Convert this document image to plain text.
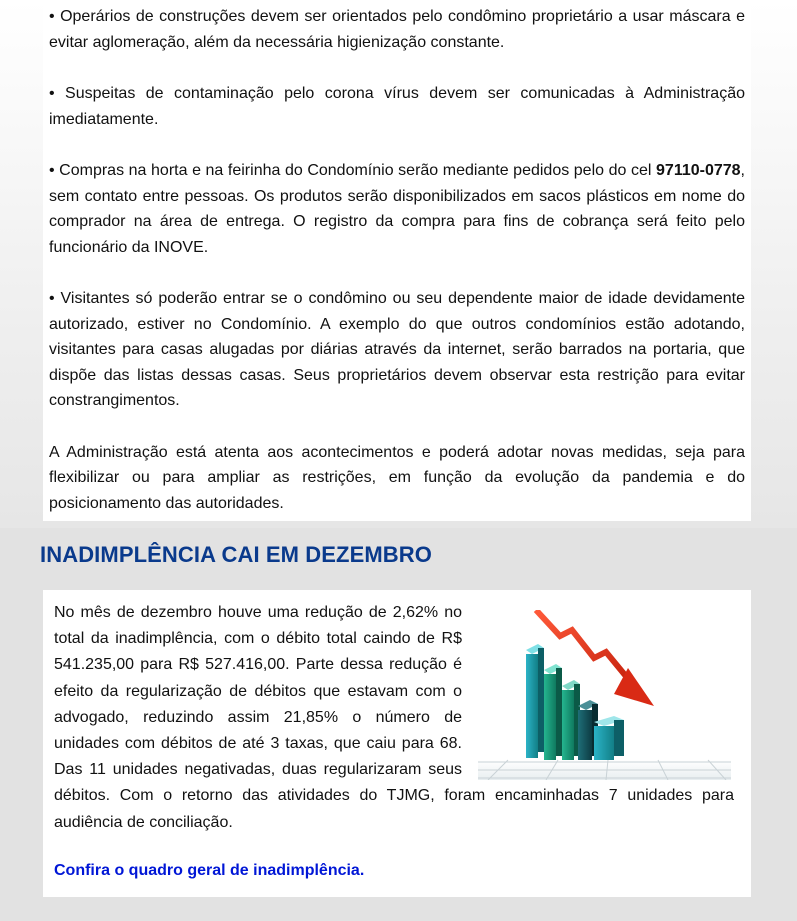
• Operários de construções devem ser orientados pelo condômino proprietário a usar máscara e evitar aglomeração, além da necessária higienização constante.

• Suspeitas de contaminação pelo corona vírus devem ser comunicadas à Administração imediatamente.

• Compras na horta e na feirinha do Condomínio serão mediante pedidos pelo do cel 97110-0778, sem contato entre pessoas. Os produtos serão disponibilizados em sacos plásticos em nome do comprador na área de entrega. O registro da compra para fins de cobrança será feito pelo funcionário da INOVE.

• Visitantes só poderão entrar se o condômino ou seu dependente maior de idade devidamente autorizado, estiver no Condomínio. A exemplo do que outros condomínios estão adotando, visitantes para casas alugadas por diárias através da internet, serão barrados na portaria, que dispõe das listas dessas casas. Seus proprietários devem observar esta restrição para evitar constrangimentos.

A Administração está atenta aos acontecimentos e poderá adotar novas medidas, seja para flexibilizar ou para ampliar as restrições, em função da evolução da pandemia e do posicionamento das autoridades.

INADIMPLÊNCIA CAI EM DEZEMBRO
No mês de dezembro houve uma redução de 2,62% no total da inadimplência, com o débito total caindo de R$ 541.235,00 para R$ 527.416,00. Parte dessa redução é efeito da regularização de débitos que estavam com o advogado, reduzindo assim 21,85% o número de unidades com débitos de até 3 taxas, que caiu para 68. Das 11 unidades negativadas, duas regularizaram seus débitos. Com o retorno das atividades do TJMG, foram encaminhadas 7 unidades para audiência de conciliação.

Confira o quadro geral de inadimplência.
